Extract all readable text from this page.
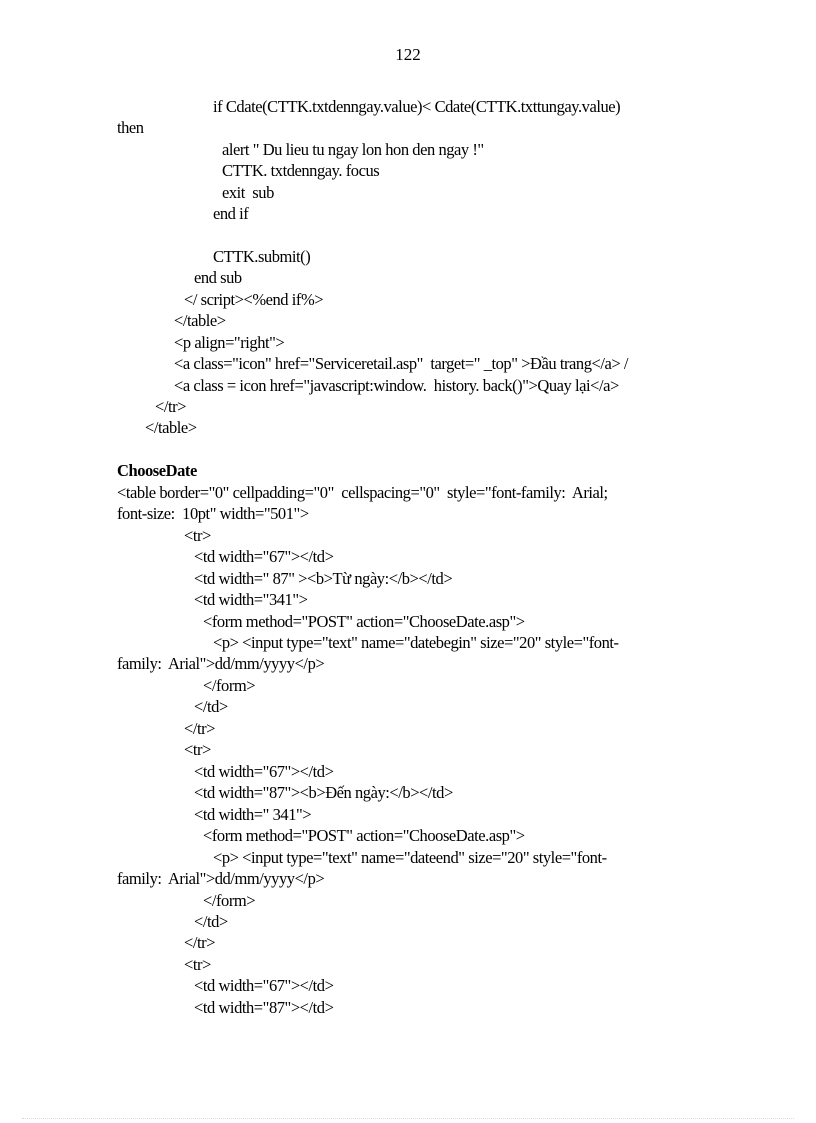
122
if Cdate(CTTK.txtdenngay.value)< Cdate(CTTK.txttungay.value)
then
alert " Du lieu tu ngay lon hon den ngay !"
CTTK. txtdenngay. focus
exit  sub
end if
CTTK.submit()
end sub
</ script><%end if%>
</table>
<p align="right">
<a class="icon" href="Serviceretail.asp"  target=" _top" >Đầu trang</a> /
<a class = icon href="javascript:window.  history. back()">Quay lại</a>
</tr>
</table>
ChooseDate
<table border="0" cellpadding="0"  cellspacing="0"  style="font-family:  Arial;
font-size:  10pt" width="501">
<tr>
<td width="67"></td>
<td width=" 87" ><b>Từ ngày:</b></td>
<td width="341">
<form method="POST" action="ChooseDate.asp">
<p> <input type="text" name="datebegin" size="20" style="font-
family:  Arial">dd/mm/yyyy</p>
</form>
</td>
</tr>
<tr>
<td width="67"></td>
<td width="87"><b>Đến ngày:</b></td>
<td width=" 341">
<form method="POST" action="ChooseDate.asp">
<p> <input type="text" name="dateend" size="20" style="font-
family:  Arial">dd/mm/yyyy</p>
</form>
</td>
</tr>
<tr>
<td width="67"></td>
<td width="87"></td>
